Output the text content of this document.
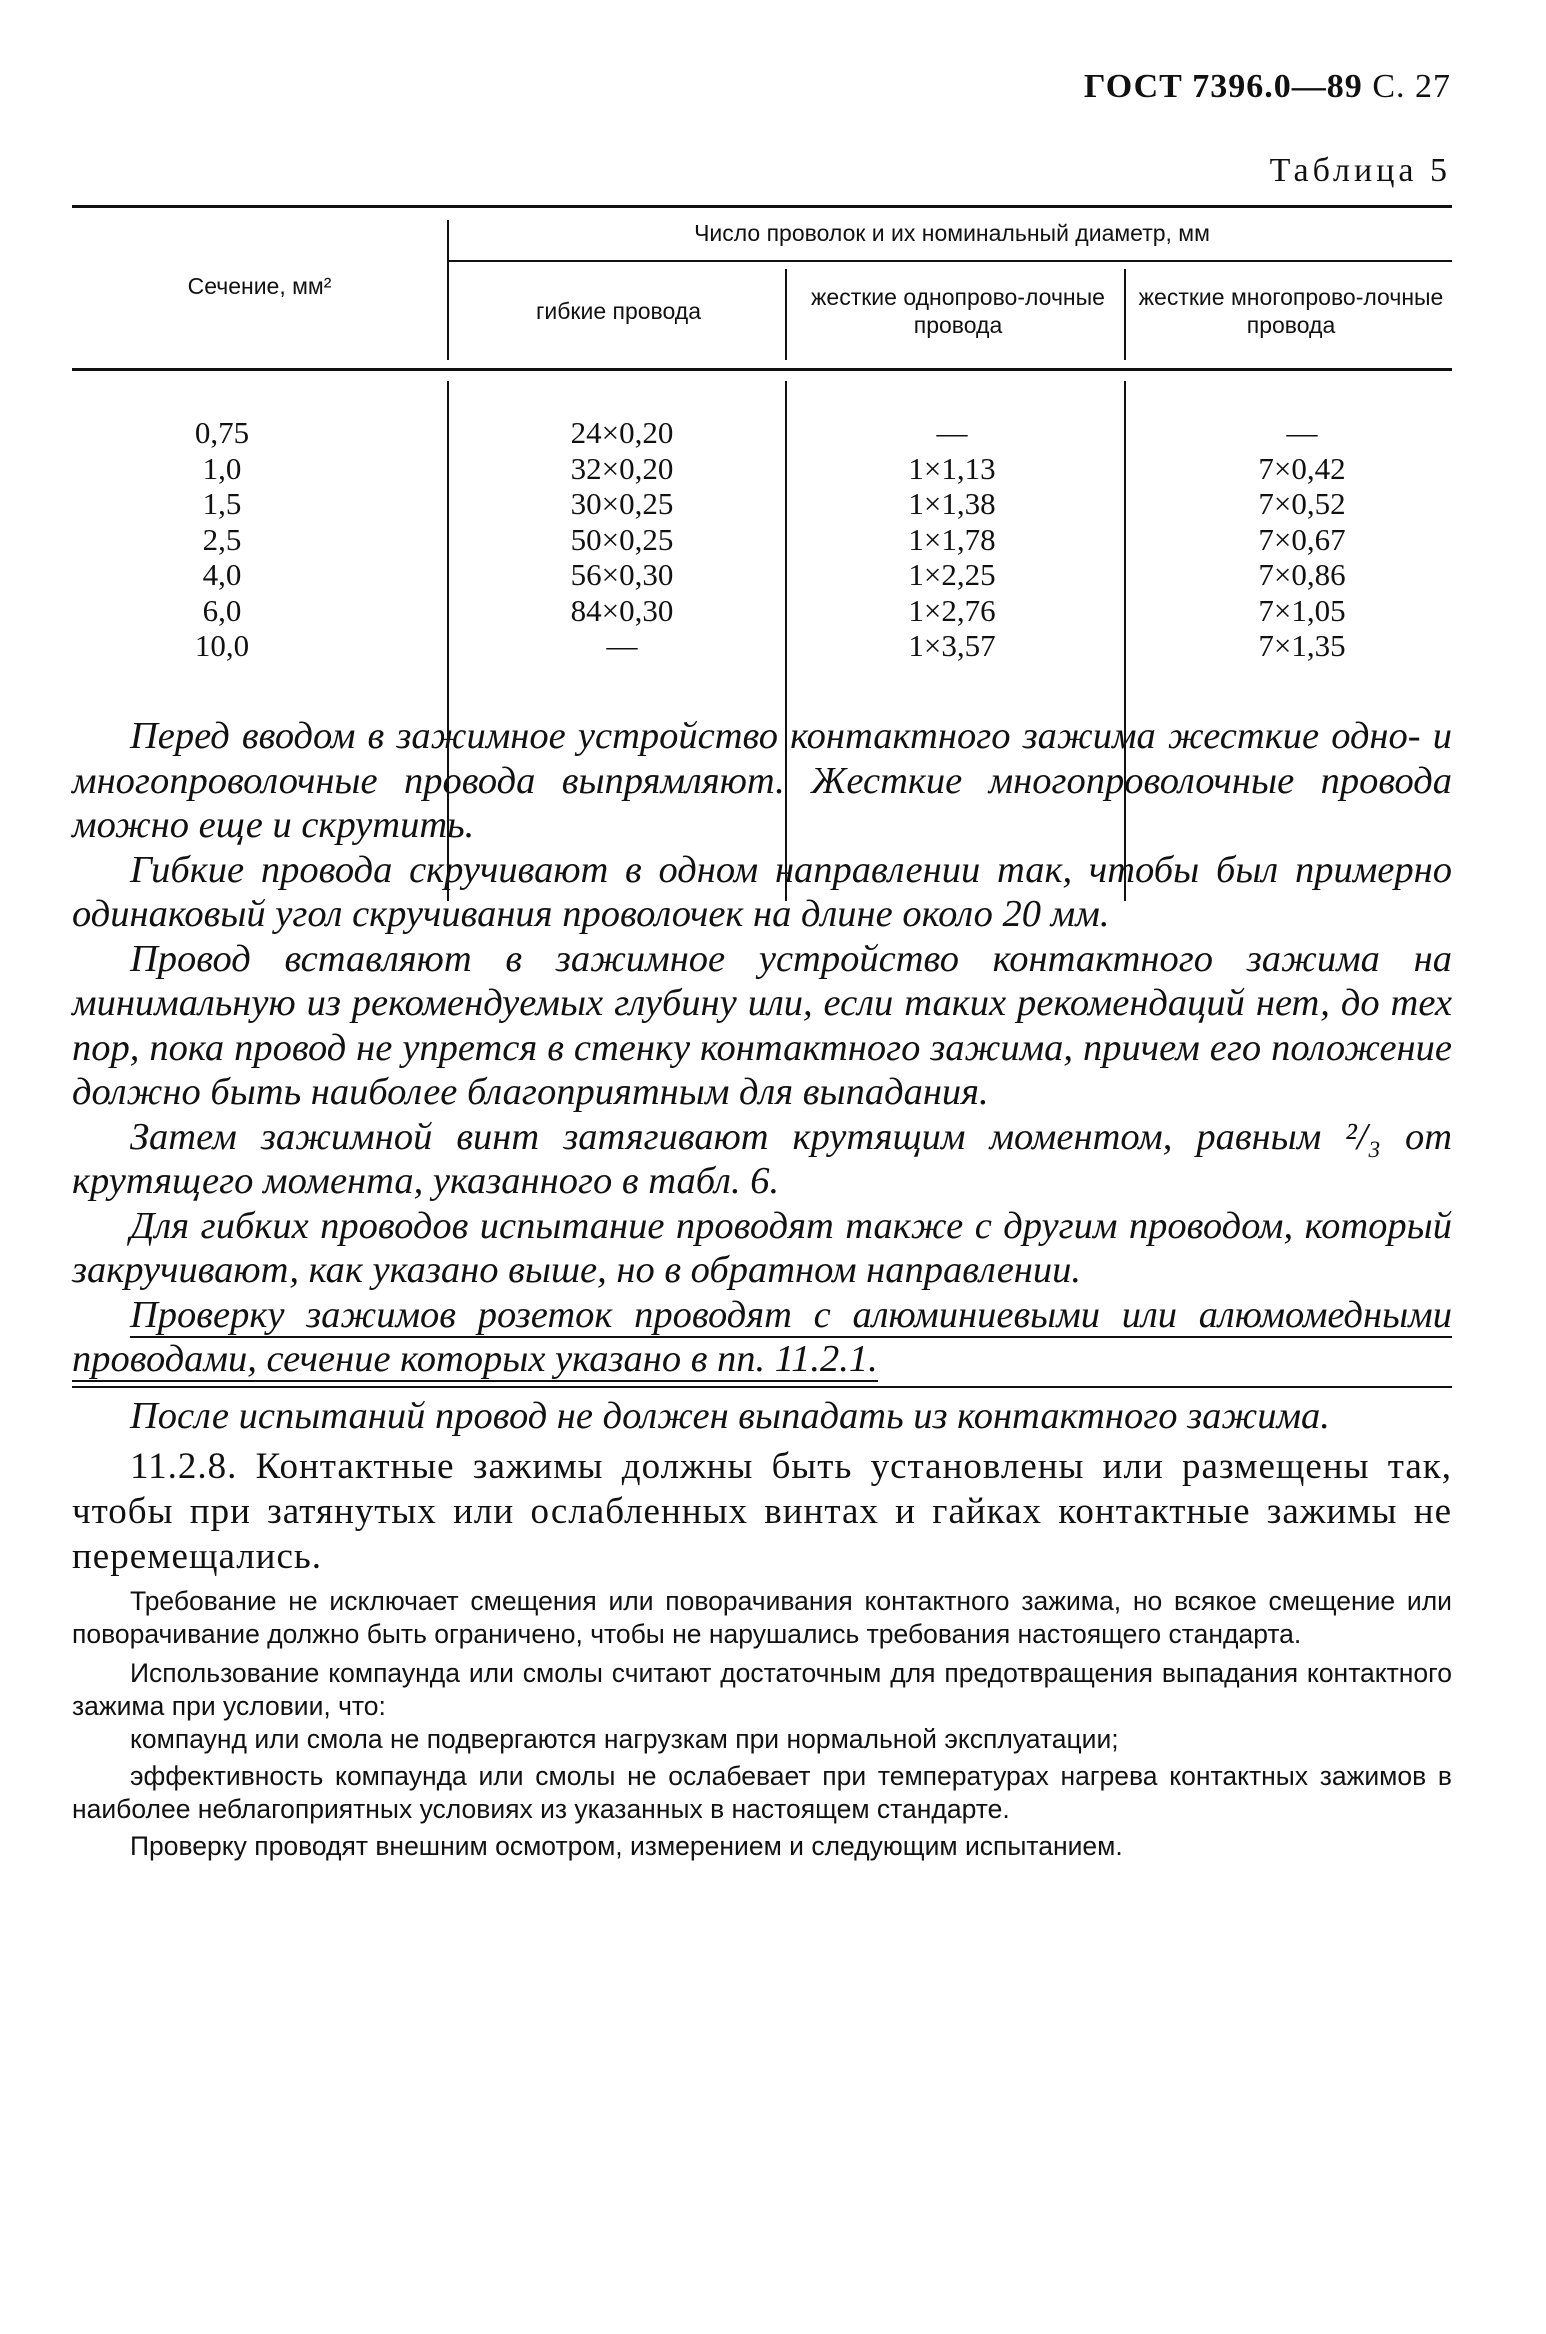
ГОСТ 7396.0—89 С. 27
Таблица 5
Сечение, мм²
Число проволок и их номинальный диаметр, мм
гибкие провода
жесткие однопрово-лочные провода
жесткие многопрово-лочные провода
0,75
1,0
1,5
2,5
4,0
6,0
10,0
24×0,20
32×0,20
30×0,25
50×0,25
56×0,30
84×0,30
—
—
1×1,13
1×1,38
1×1,78
1×2,25
1×2,76
1×3,57
—
7×0,42
7×0,52
7×0,67
7×0,86
7×1,05
7×1,35

Перед вводом в зажимное устройство контактного зажима жесткие одно- и многопроволочные провода выпрямляют. Жесткие многопроволочные провода можно еще и скрутить.

Гибкие провода скручивают в одном направлении так, чтобы был примерно одинаковый угол скручивания проволочек на длине около 20 мм.

Провод вставляют в зажимное устройство контактного зажима на минимальную из рекомендуемых глубину или, если таких рекомендаций нет, до тех пор, пока провод не упрется в стенку контактного зажима, причем его положение должно быть наиболее благоприятным для выпадания.

Затем зажимной винт затягивают крутящим моментом, равным ²/₃ от крутящего момента, указанного в табл. 6.

Для гибких проводов испытание проводят также с другим проводом, который закручивают, как указано выше, но в обратном направлении.

Проверку зажимов розеток проводят с алюминиевыми или алюмомедными проводами, сечение которых указано в пп. 11.2.1.

После испытаний провод не должен выпадать из контактного зажима.

11.2.8. Контактные зажимы должны быть установлены или размещены так, чтобы при затянутых или ослабленных винтах и гайках контактные зажимы не перемещались.

Требование не исключает смещения или поворачивания контактного зажима, но всякое смещение или поворачивание должно быть ограничено, чтобы не нарушались требования настоящего стандарта.

Использование компаунда или смолы считают достаточным для предотвращения выпадания контактного зажима при условии, что:

компаунд или смола не подвергаются нагрузкам при нормальной эксплуатации;

эффективность компаунда или смолы не ослабевает при температурах нагрева контактных зажимов в наиболее неблагоприятных условиях из указанных в настоящем стандарте.

Проверку проводят внешним осмотром, измерением и следующим испытанием.
